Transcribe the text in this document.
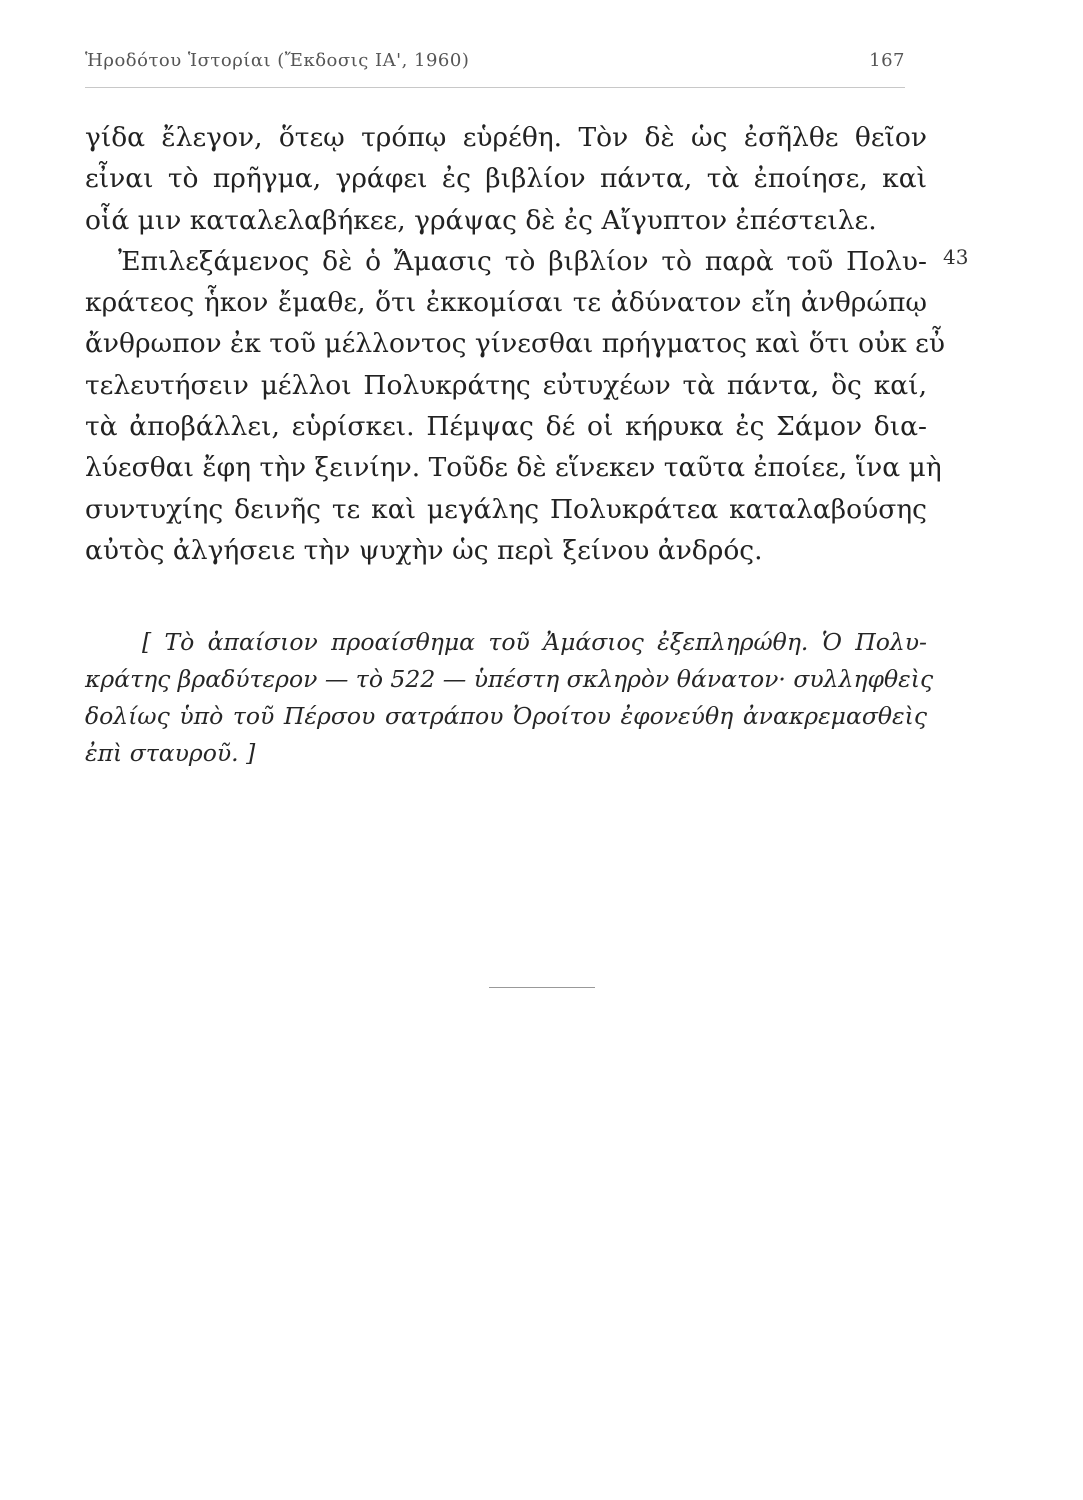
Ἡροδότου Ἱστορίαι (Ἔκδοσις ΙΑ', 1960)	167
γίδα ἔλεγον, ὅτεῳ τρόπῳ εὑρέθη. Τὸν δὲ ὡς ἐσῆλθε θεῖον
εἶναι τὸ πρῆγμα, γράφει ἐς βιβλίον πάντα, τὰ ἐποίησε, καὶ
οἷά μιν καταλελαβήκεε, γράψας δὲ ἐς Αἴγυπτον ἐπέστειλε.
Ἐπιλεξάμενος δὲ ὁ Ἄμασις τὸ βιβλίον τὸ παρὰ τοῦ Πολυ-
κράτεος ἧκον ἔμαθε, ὅτι ἐκκομίσαι τε ἀδύνατον εἴη ἀνθρώπῳ
ἄνθρωπον ἐκ τοῦ μέλλοντος γίνεσθαι πρήγματος καὶ ὅτι οὐκ εὖ
τελευτήσειν μέλλοι Πολυκράτης εὐτυχέων τὰ πάντα, ὃς καί,
τὰ ἀποβάλλει, εὑρίσκει. Πέμψας δέ οἱ κήρυκα ἐς Σάμον δια-
λύεσθαι ἔφη τὴν ξεινίην. Τοῦδε δὲ εἵνεκεν ταῦτα ἐποίεε, ἵνα μὴ
συντυχίης δεινῆς τε καὶ μεγάλης Πολυκράτεα καταλαβούσης
αὐτὸς ἀλγήσειε τὴν ψυχὴν ὡς περὶ ξείνου ἀνδρός.
43
[ Τὸ ἀπαίσιον προαίσθημα τοῦ Ἀμάσιος ἐξεπληρώθη. Ὁ Πολυ-
κράτης βραδύτερον — τὸ 522 — ὑπέστη σκληρὸν θάνατον· συλληφθεὶς
δολίως ὑπὸ τοῦ Πέρσου σατράπου Ὀροίτου ἐφονεύθη ἀνακρεμασθεὶς
ἐπὶ σταυροῦ. ]
